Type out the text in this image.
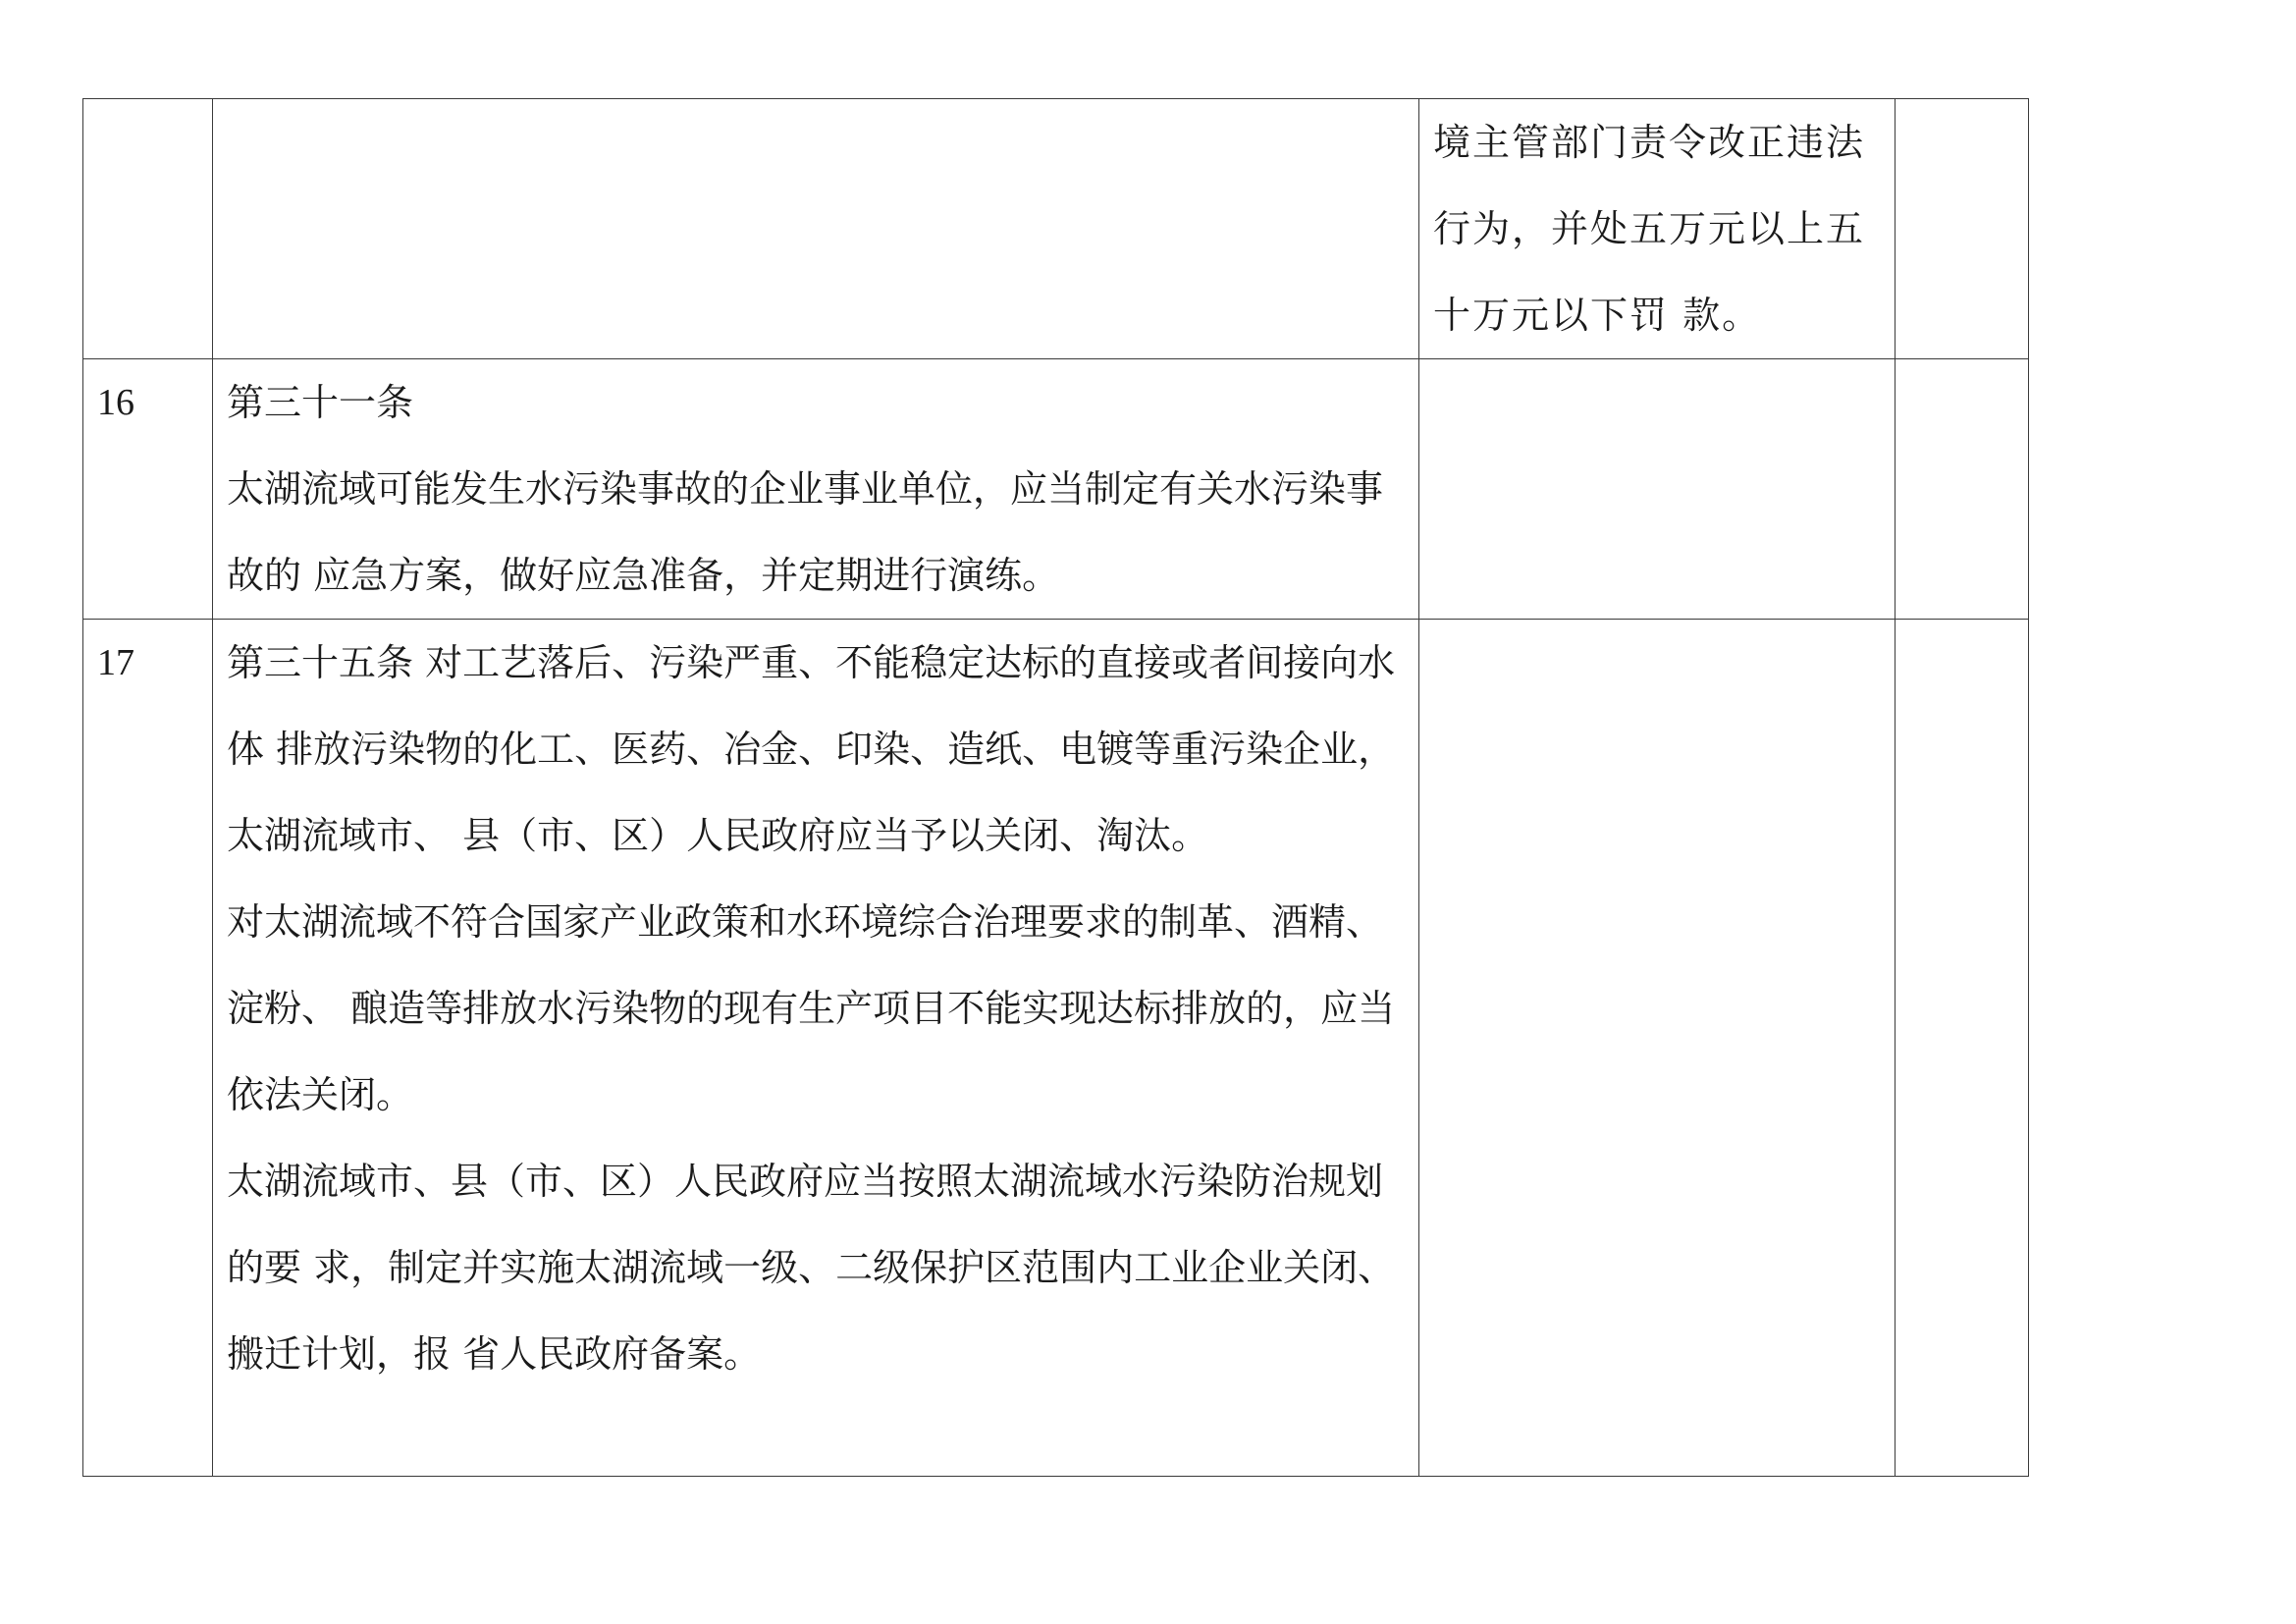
		境主管部门责令改正违法行为，并处五万元以上五十万元以下罚 款。	
16	第三十一条
太湖流域可能发生水污染事故的企业事业单位，应当制定有关水污染事故的 应急方案，做好应急准备，并定期进行演练。		

17	第三十五条 对工艺落后、污染严重、不能稳定达标的直接或者间接向水体 排放污染物的化工、医药、冶金、印染、造纸、电镀等重污染企业，太湖流域市、 县（市、区）人民政府应当予以关闭、淘汰。
对太湖流域不符合国家产业政策和水环境综合治理要求的制革、酒精、淀粉、 酿造等排放水污染物的现有生产项目不能实现达标排放的，应当依法关闭。
太湖流域市、县（市、区）人民政府应当按照太湖流域水污染防治规划的要 求，制定并实施太湖流域一级、二级保护区范围内工业企业关闭、搬迁计划，报 省人民政府备案。		
